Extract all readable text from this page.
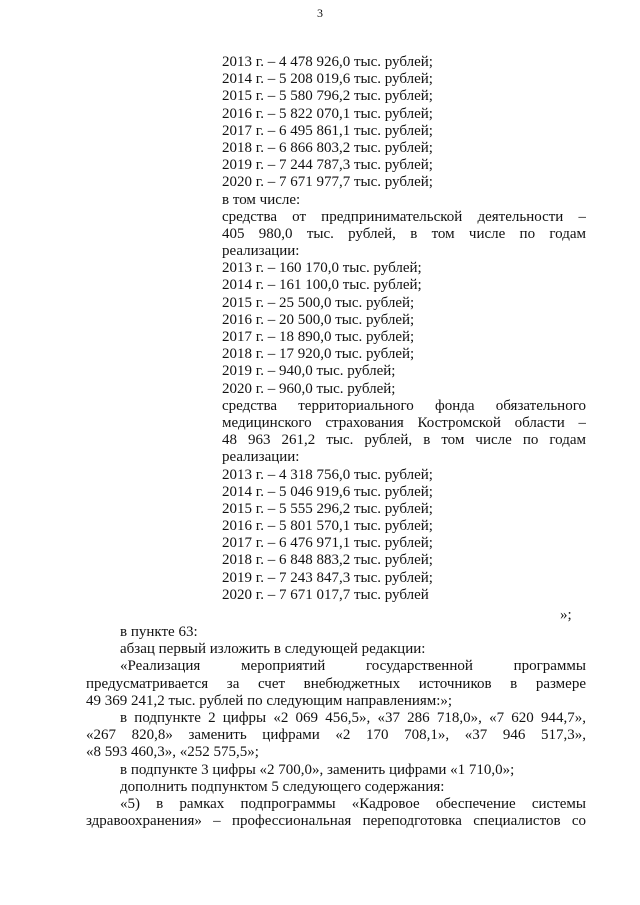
3
2013 г. – 4 478 926,0 тыс. рублей;
2014 г. – 5 208 019,6 тыс. рублей;
2015 г. – 5 580 796,2 тыс. рублей;
2016 г. – 5 822 070,1 тыс. рублей;
2017 г. – 6 495 861,1 тыс. рублей;
2018 г. – 6 866 803,2 тыс. рублей;
2019 г. – 7 244 787,3 тыс. рублей;
2020 г. – 7 671 977,7 тыс. рублей;
в том числе:
средства от предпринимательской деятельности –
405 980,0 тыс. рублей, в том числе по годам
реализации:
2013 г. – 160 170,0 тыс. рублей;
2014 г. – 161 100,0 тыс. рублей;
2015 г. – 25 500,0 тыс. рублей;
2016 г. – 20 500,0 тыс. рублей;
2017 г. – 18 890,0 тыс. рублей;
2018 г. – 17 920,0 тыс. рублей;
2019 г. – 940,0 тыс. рублей;
2020 г. – 960,0 тыс. рублей;
средства территориального фонда обязательного
медицинского страхования Костромской области –
48 963 261,2 тыс. рублей, в том числе по годам
реализации:
2013 г. – 4 318 756,0 тыс. рублей;
2014 г. – 5 046 919,6 тыс. рублей;
2015 г. – 5 555 296,2 тыс. рублей;
2016 г. – 5 801 570,1 тыс. рублей;
2017 г. – 6 476 971,1 тыс. рублей;
2018 г. – 6 848 883,2 тыс. рублей;
2019 г. – 7 243 847,3 тыс. рублей;
2020 г. – 7 671 017,7 тыс. рублей
»;
в пункте 63:
абзац первый изложить в следующей редакции:
«Реализация мероприятий государственной программы
предусматривается за счет внебюджетных источников в размере
49 369 241,2 тыс. рублей по следующим направлениям:»;
в подпункте 2 цифры «2 069 456,5», «37 286 718,0», «7 620 944,7»,
«267 820,8» заменить цифрами «2 170 708,1», «37 946 517,3»,
«8 593 460,3», «252 575,5»;
в подпункте 3 цифры «2 700,0», заменить цифрами «1 710,0»;
дополнить подпунктом 5 следующего содержания:
«5) в рамках подпрограммы «Кадровое обеспечение системы
здравоохранения» – профессиональная переподготовка специалистов со
